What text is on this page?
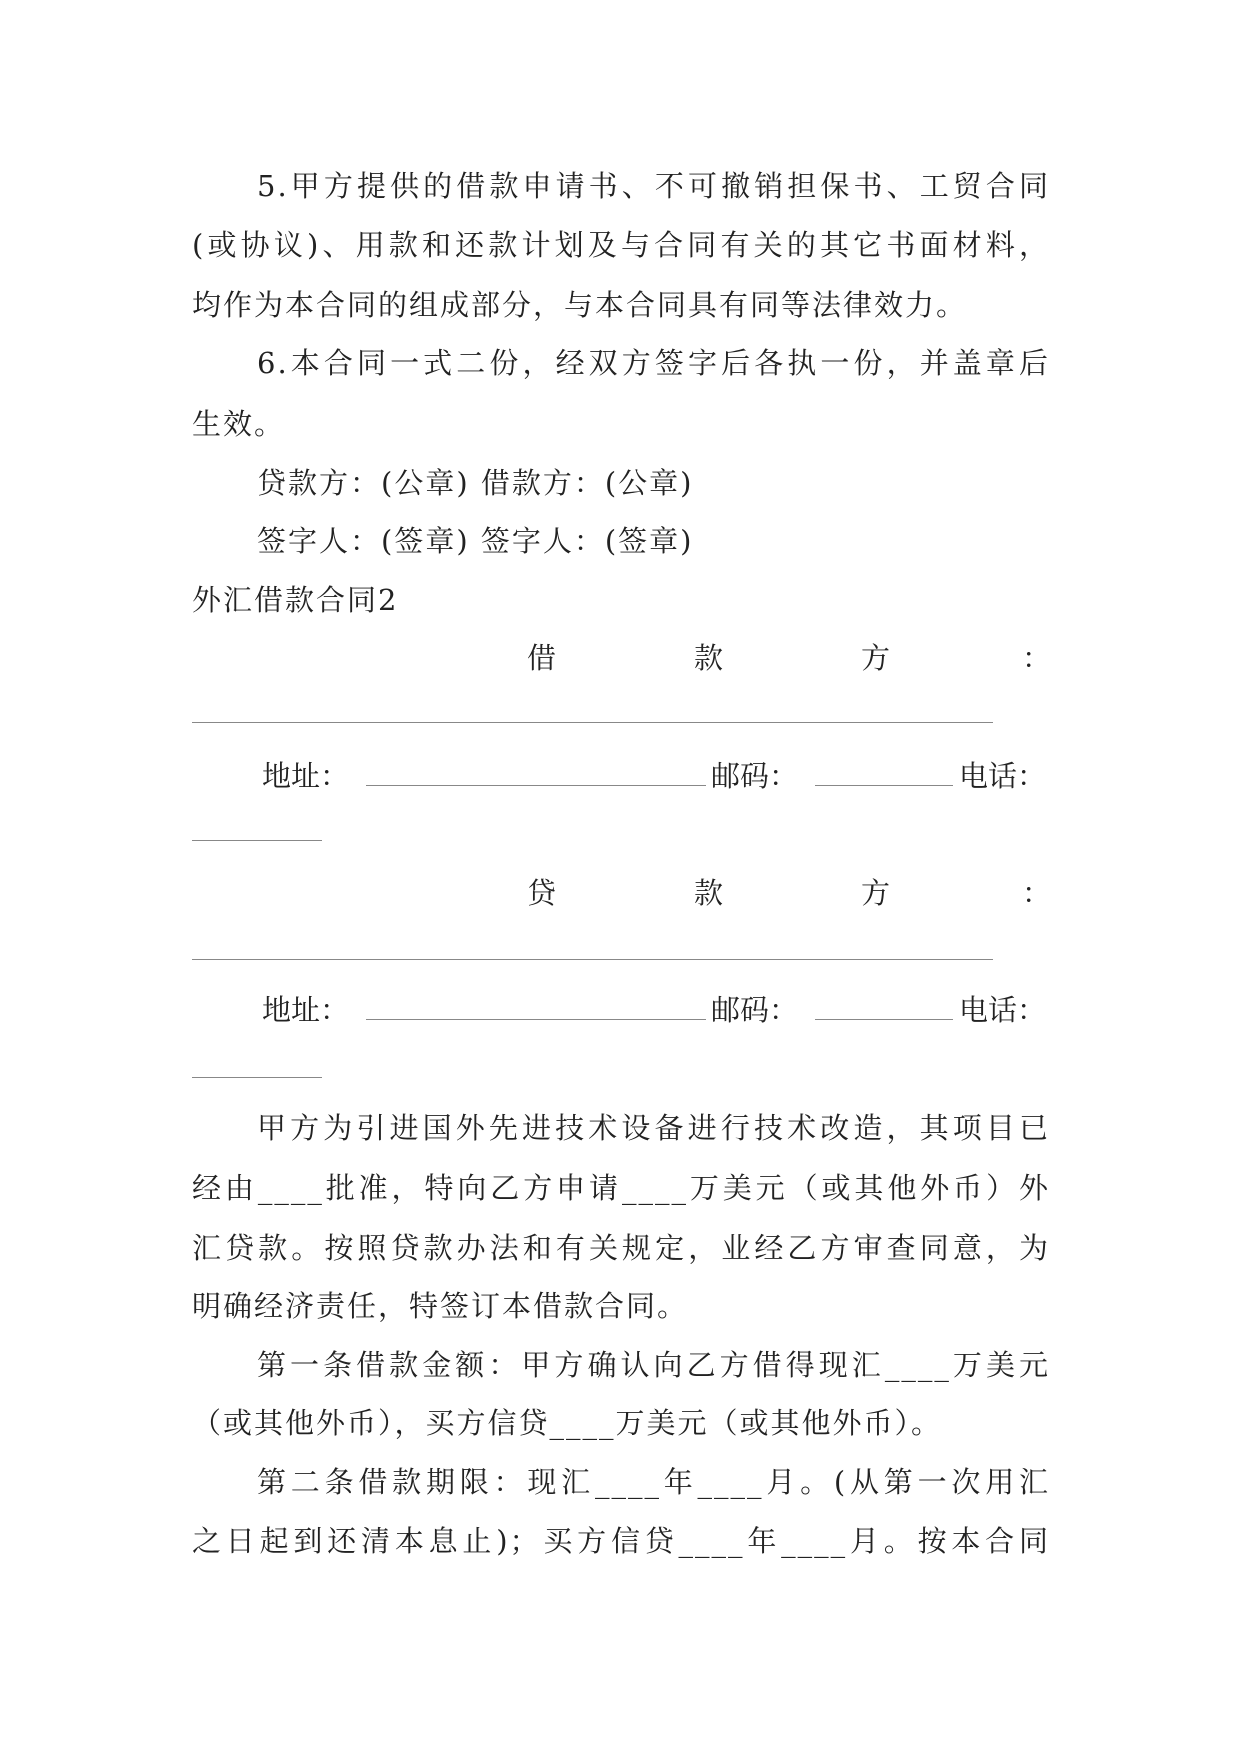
5.甲方提供的借款申请书、不可撤销担保书、工贸合同
(或协议)、用款和还款计划及与合同有关的其它书面材料，
均作为本合同的组成部分，与本合同具有同等法律效力。
6.本合同一式二份，经双方签字后各执一份，并盖章后
生效。
贷款方：(公章) 借款方：(公章)
签字人：(签章) 签字人：(签章)
外汇借款合同2
借	款	方	：
地址：	邮码：	电话：
贷	款	方	：
地址：	邮码：	电话：
甲方为引进国外先进技术设备进行技术改造，其项目已
经由____批准，特向乙方申请____万美元（或其他外币）外
汇贷款。按照贷款办法和有关规定，业经乙方审查同意，为
明确经济责任，特签订本借款合同。
第一条借款金额：甲方确认向乙方借得现汇____万美元
（或其他外币），买方信贷____万美元（或其他外币）。
第二条借款期限：现汇____年____月。(从第一次用汇
之日起到还清本息止)；买方信贷____年____月。按本合同
